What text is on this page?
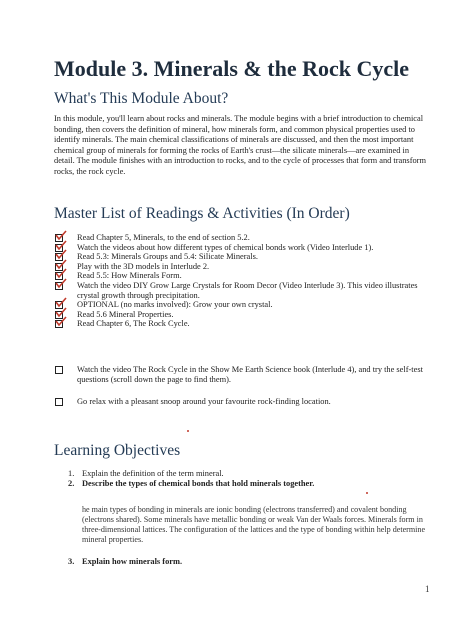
Module 3. Minerals & the Rock Cycle
What's This Module About?

In this module, you'll learn about rocks and minerals. The module begins with a brief introduction to chemical bonding, then covers the definition of mineral, how minerals form, and common physical properties used to identify minerals. The main chemical classifications of minerals are discussed, and then the most important chemical group of minerals for forming the rocks of Earth's crust—the silicate minerals—are examined in detail. The module finishes with an introduction to rocks, and to the cycle of processes that form and transform rocks, the rock cycle.

Master List of Readings & Activities (In Order)
Read Chapter 5, Minerals, to the end of section 5.2.
Watch the videos about how different types of chemical bonds work (Video Interlude 1).
Read 5.3: Minerals Groups and 5.4: Silicate Minerals.
Play with the 3D models in Interlude 2.
Read 5.5: How Minerals Form.
Watch the video DIY Grow Large Crystals for Room Decor (Video Interlude 3). This video illustrates crystal growth through precipitation.
OPTIONAL (no marks involved): Grow your own crystal.
Read 5.6 Mineral Properties.
Read Chapter 6, The Rock Cycle.
Watch the video The Rock Cycle in the Show Me Earth Science book (Interlude 4), and try the self-test questions (scroll down the page to find them).
Go relax with a pleasant snoop around your favourite rock-finding location.
Learning Objectives
1. Explain the definition of the term mineral.
2. Describe the types of chemical bonds that hold minerals together.

he main types of bonding in minerals are ionic bonding (electrons transferred) and covalent bonding (electrons shared). Some minerals have metallic bonding or weak Van der Waals forces. Minerals form in three-dimensional lattices. The configuration of the lattices and the type of bonding within help determine mineral properties.

3. Explain how minerals form.
1
